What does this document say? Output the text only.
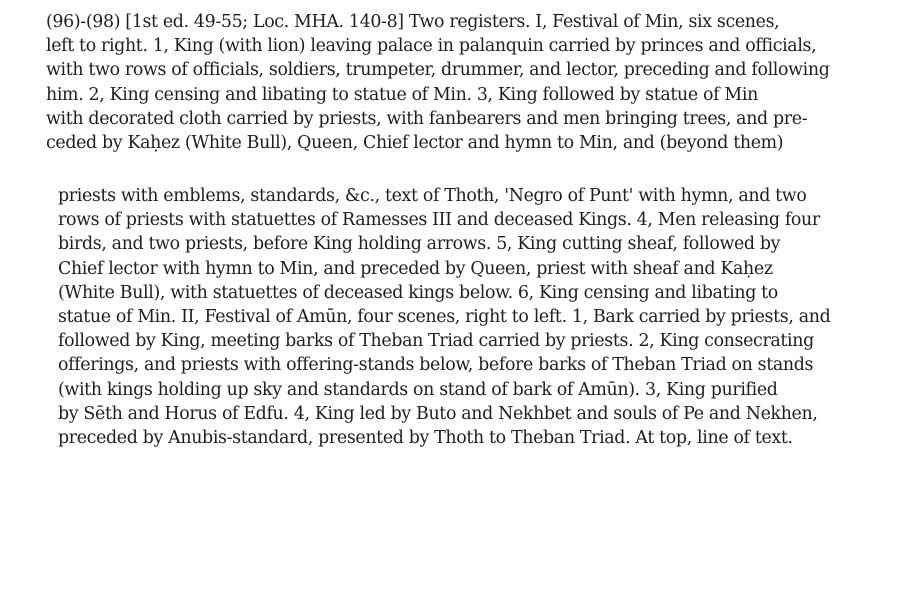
(96)-(98) [1st ed. 49-55; Loc. MHA. 140-8] Two registers. I, Festival of Min, six scenes,
left to right. 1, King (with lion) leaving palace in palanquin carried by princes and officials,
with two rows of officials, soldiers, trumpeter, drummer, and lector, preceding and following
him. 2, King censing and libating to statue of Min. 3, King followed by statue of Min
with decorated cloth carried by priests, with fanbearers and men bringing trees, and pre-
ceded by Kaḥez (White Bull), Queen, Chief lector and hymn to Min, and (beyond them)
priests with emblems, standards, &c., text of Thoth, 'Negro of Punt' with hymn, and two
rows of priests with statuettes of Ramesses III and deceased Kings. 4, Men releasing four
birds, and two priests, before King holding arrows. 5, King cutting sheaf, followed by
Chief lector with hymn to Min, and preceded by Queen, priest with sheaf and Kaḥez
(White Bull), with statuettes of deceased kings below. 6, King censing and libating to
statue of Min. II, Festival of Amūn, four scenes, right to left. 1, Bark carried by priests, and
followed by King, meeting barks of Theban Triad carried by priests. 2, King consecrating
offerings, and priests with offering-stands below, before barks of Theban Triad on stands
(with kings holding up sky and standards on stand of bark of Amūn). 3, King purified
by Sēth and Horus of Edfu. 4, King led by Buto and Nekhbet and souls of Pe and Nekhen,
preceded by Anubis-standard, presented by Thoth to Theban Triad. At top, line of text.
